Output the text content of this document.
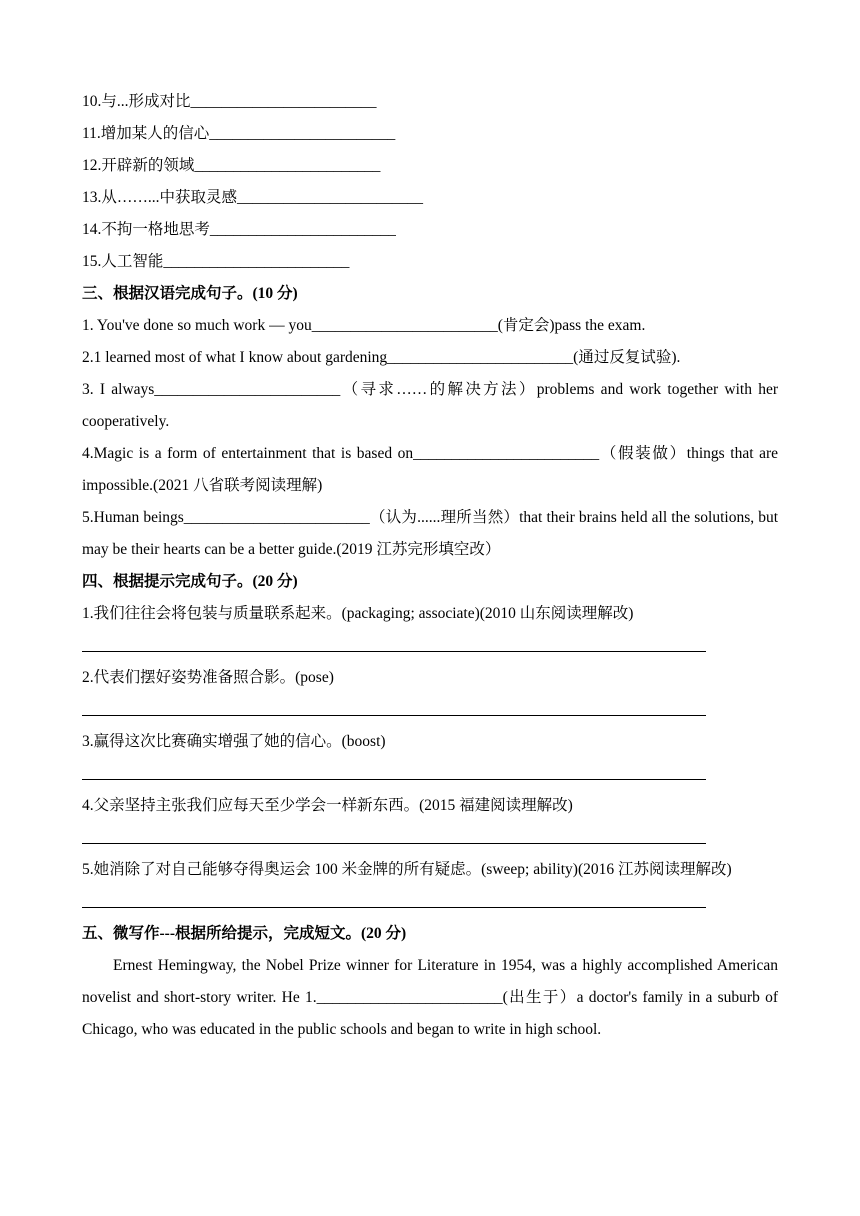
10.与...形成对比________________________
11.增加某人的信心________________________
12.开辟新的领域________________________
13.从……...中获取灵感________________________
14.不拘一格地思考________________________
15.人工智能________________________
三、根据汉语完成句子。(10 分)
1. You've done so much work — you________________________(肯定会)pass the exam.
2.1 learned most of what I know about gardening________________________(通过反复试验).
3. I always________________________（寻求……的解决方法）problems and work together with her cooperatively.
4.Magic is a form of entertainment that is based on________________________（假装做）things that are impossible.(2021 八省联考阅读理解)
5.Human beings________________________（认为......理所当然）that their brains held all the solutions, but may be their hearts can be a better guide.(2019 江苏完形填空改）
四、根据提示完成句子。(20 分)
1.我们往往会将包装与质量联系起来。(packaging; associate)(2010 山东阅读理解改)
2.代表们摆好姿势准备照合影。(pose)
3.赢得这次比赛确实增强了她的信心。(boost)
4.父亲坚持主张我们应每天至少学会一样新东西。(2015 福建阅读理解改)
5.她消除了对自己能够夺得奥运会 100 米金牌的所有疑虑。(sweep; ability)(2016 江苏阅读理解改)
五、微写作---根据所给提示，完成短文。(20 分)
Ernest Hemingway, the Nobel Prize winner for Literature in 1954, was a highly accomplished American novelist and short-story writer. He 1.________________________(出生于）a doctor's family in a suburb of Chicago, who was educated in the public schools and began to write in high school.
